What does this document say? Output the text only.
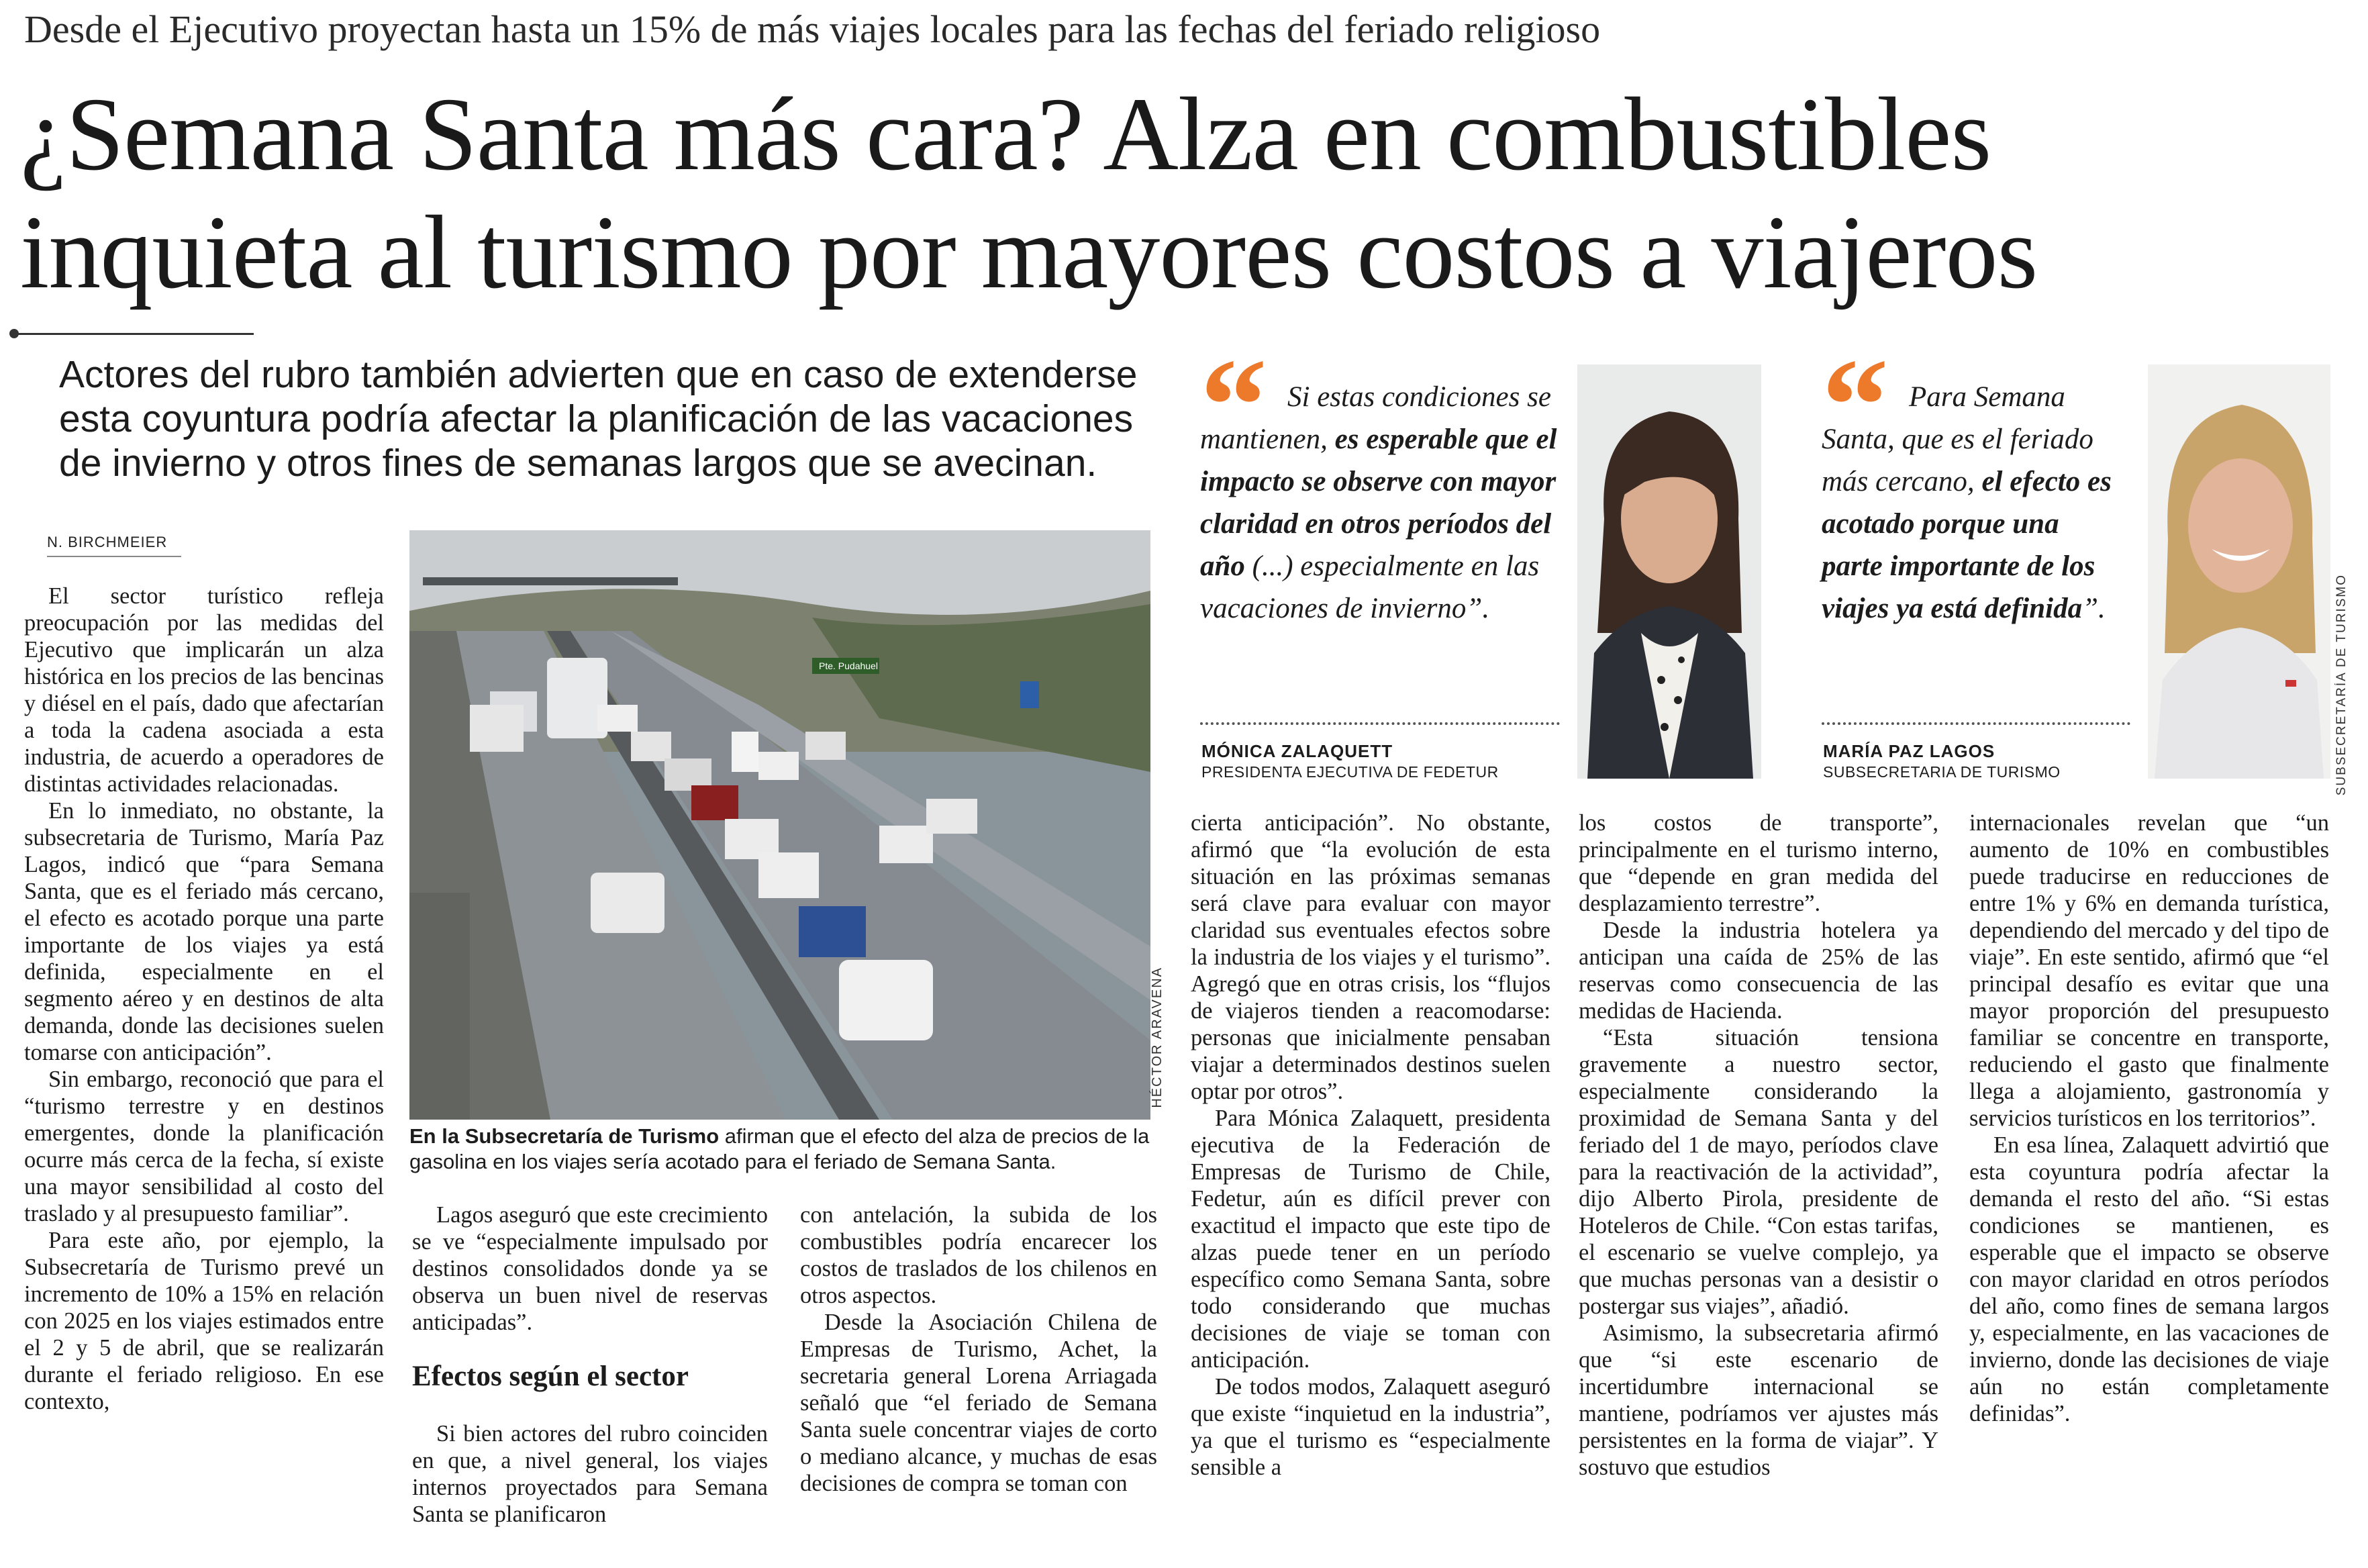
Desde el Ejecutivo proyectan hasta un 15% de más viajes locales para las fechas del feriado religioso
¿Semana Santa más cara? Alza en combustibles
inquieta al turismo por mayores costos a viajeros
Actores del rubro también advierten que en caso de extenderse esta coyuntura podría afectar la planificación de las vacaciones de invierno y otros fines de semanas largos que se avecinan.
Si estas condiciones se mantienen, es esperable que el impacto se observe con mayor claridad en otros períodos del año (...) especialmente en las vacaciones de invierno”.
MÓNICA ZALAQUETT
PRESIDENTA EJECUTIVA DE FEDETUR
Para Semana Santa, que es el feriado más cercano, el efecto es acotado porque una parte importante de los viajes ya está definida”.
MARÍA PAZ LAGOS
SUBSECRETARIA DE TURISMO	SUBSECRETARÍA DE TURISMO
N. BIRCHMEIER

El sector turístico refleja preocupación por las medidas del Ejecutivo que implicarán un alza histórica en los precios de las bencinas y diésel en el país, dado que afectarían a toda la cadena asociada a esta industria, de acuerdo a operadores de distintas actividades relacionadas.

En lo inmediato, no obstante, la subsecretaria de Turismo, María Paz Lagos, indicó que “para Semana Santa, que es el feriado más cercano, el efecto es acotado porque una parte importante de los viajes ya está definida, especialmente en el segmento aéreo y en destinos de alta demanda, donde las decisiones suelen tomarse con anticipación”.

Sin embargo, reconoció que para el “turismo terrestre y en destinos emergentes, donde la planificación ocurre más cerca de la fecha, sí existe una mayor sensibilidad al costo del traslado y al presupuesto familiar”.

Para este año, por ejemplo, la Subsecretaría de Turismo prevé un incremento de 10% a 15% en relación con 2025 en los viajes estimados entre el 2 y 5 de abril, que se realizarán durante el feriado religioso. En ese contexto,

Pte. Pudahuel
HÉCTOR ARAVENA
En la Subsecretaría de Turismo afirman que el efecto del alza de precios de la gasolina en los viajes sería acotado para el feriado de Semana Santa.

Lagos aseguró que este crecimiento se ve “especialmente impulsado por destinos consolidados donde ya se observa un buen nivel de reservas anticipadas”.

Efectos según el sector

Si bien actores del rubro coinciden en que, a nivel general, los viajes internos proyectados para Semana Santa se planificaron

con antelación, la subida de los combustibles podría encarecer los costos de traslados de los chilenos en otros aspectos.

Desde la Asociación Chilena de Empresas de Turismo, Achet, la secretaria general Lorena Arriagada señaló que “el feriado de Semana Santa suele concentrar viajes de corto o mediano alcance, y muchas de esas decisiones de compra se toman con

cierta anticipación”. No obstante, afirmó que “la evolución de esta situación en las próximas semanas será clave para evaluar con mayor claridad sus eventuales efectos sobre la industria de los viajes y el turismo”. Agregó que en otras crisis, los “flujos de viajeros tienden a reacomodarse: personas que inicialmente pensaban viajar a determinados destinos suelen optar por otros”.

Para Mónica Zalaquett, presidenta ejecutiva de la Federación de Empresas de Turismo de Chile, Fedetur, aún es difícil prever con exactitud el impacto que este tipo de alzas puede tener en un período específico como Semana Santa, sobre todo considerando que muchas decisiones de viaje se toman con anticipación.

De todos modos, Zalaquett aseguró que existe “inquietud en la industria”, ya que el turismo es “especialmente sensible a

los costos de transporte”, principalmente en el turismo interno, que “depende en gran medida del desplazamiento terrestre”.

Desde la industria hotelera ya anticipan una caída de 25% de las reservas como consecuencia de las medidas de Hacienda.

“Esta situación tensiona gravemente a nuestro sector, especialmente considerando la proximidad de Semana Santa y del feriado del 1 de mayo, períodos clave para la reactivación de la actividad”, dijo Alberto Pirola, presidente de Hoteleros de Chile. “Con estas tarifas, el escenario se vuelve complejo, ya que muchas personas van a desistir o postergar sus viajes”, añadió.

Asimismo, la subsecretaria afirmó que “si este escenario de incertidumbre internacional se mantiene, podríamos ver ajustes más persistentes en la forma de viajar”. Y sostuvo que estudios

internacionales revelan que “un aumento de 10% en combustibles puede traducirse en reducciones de entre 1% y 6% en demanda turística, dependiendo del mercado y del tipo de viaje”. En este sentido, afirmó que “el principal desafío es evitar que una mayor proporción del presupuesto familiar se concentre en transporte, reduciendo el gasto que finalmente llega a alojamiento, gastronomía y servicios turísticos en los territorios”.

En esa línea, Zalaquett advirtió que esta coyuntura podría afectar la demanda el resto del año. “Si estas condiciones se mantienen, es esperable que el impacto se observe con mayor claridad en otros períodos del año, como fines de semana largos y, especialmente, en las vacaciones de invierno, donde las decisiones de viaje aún no están completamente definidas”.
